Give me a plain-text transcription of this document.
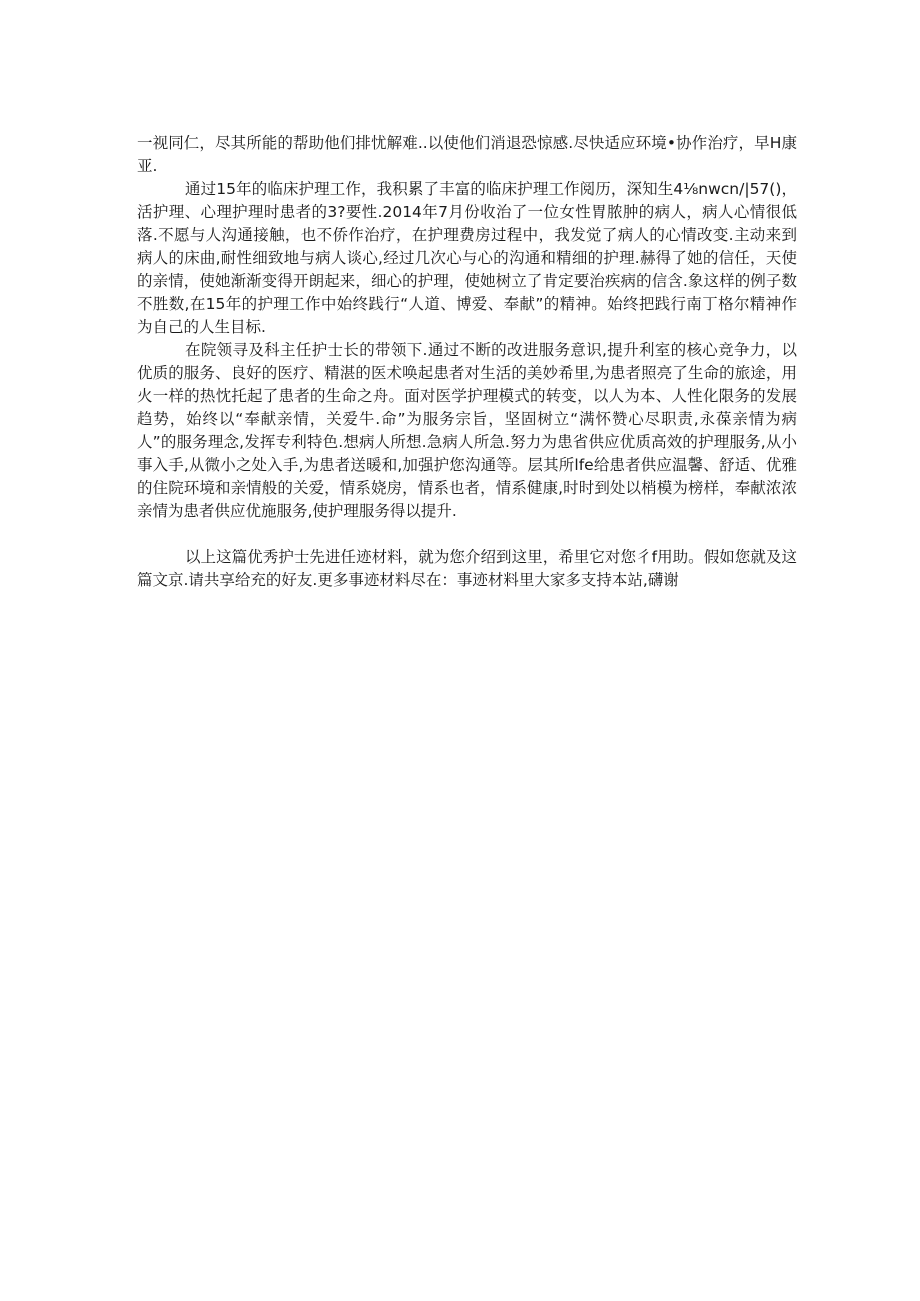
一视同仁，尽其所能的帮助他们排忧解难..以使他们消退恐惊感.尽快适应环境•协作治疗，早H康亚.

通过15年的临床护理工作，我积累了丰富的临床护理工作阅历，深知生4⅛nwcn/|57()，活护理、心理护理时患者的3?要性.2014年7月份收治了一位女性胃脓肿的病人，病人心情很低落.不愿与人沟通接触，也不侨作治疗，在护理费房过程中，我发觉了病人的心情改变.主动来到病人的床曲,耐性细致地与病人谈心,经过几次心与心的沟通和精细的护理.赫得了她的信任，天使的亲情，使她渐渐变得开朗起来，细心的护理，使她树立了肯定要治疾病的信含.象这样的例子数不胜数,在15年的护理工作中始终践行“人道、博爱、奉献”的精神。始终把践行南丁格尔精神作为自己的人生目标.

在院领寻及科主任护士长的带领下.通过不断的改进服务意识,提升利室的核心竞争力，以优质的服务、良好的医疗、精湛的医术唤起患者对生活的美妙希里,为患者照亮了生命的旅途，用火一样的热忱托起了患者的生命之舟。面对医学护理模式的转变，以人为本、人性化限务的发展趋势，始终以“奉献亲情，关爱牛.命”为服务宗旨，坚固树立“满怀赞心尽职责,永葆亲情为病人”的服务理念,发挥专利特色.想病人所想.急病人所急.努力为患省供应优质高效的护理服务,从小事入手,从微小之处入手,为患者送暖和,加强护您沟通等。层其所lfe给患者供应温馨、舒适、优雅的住院环境和亲情般的关爱，情系娆房，情系也者，情系健康,时时到处以梢模为榜样，奉献浓浓亲情为患者供应优施服务,使护理服务得以提升.

以上这篇优秀护士先进任迹材料，就为您介绍到这里，希里它对您彳f用助。假如您就及这篇文京.请共享给充的好友.更多事迹材料尽在：事迹材料里大家多支持本站,礴谢
